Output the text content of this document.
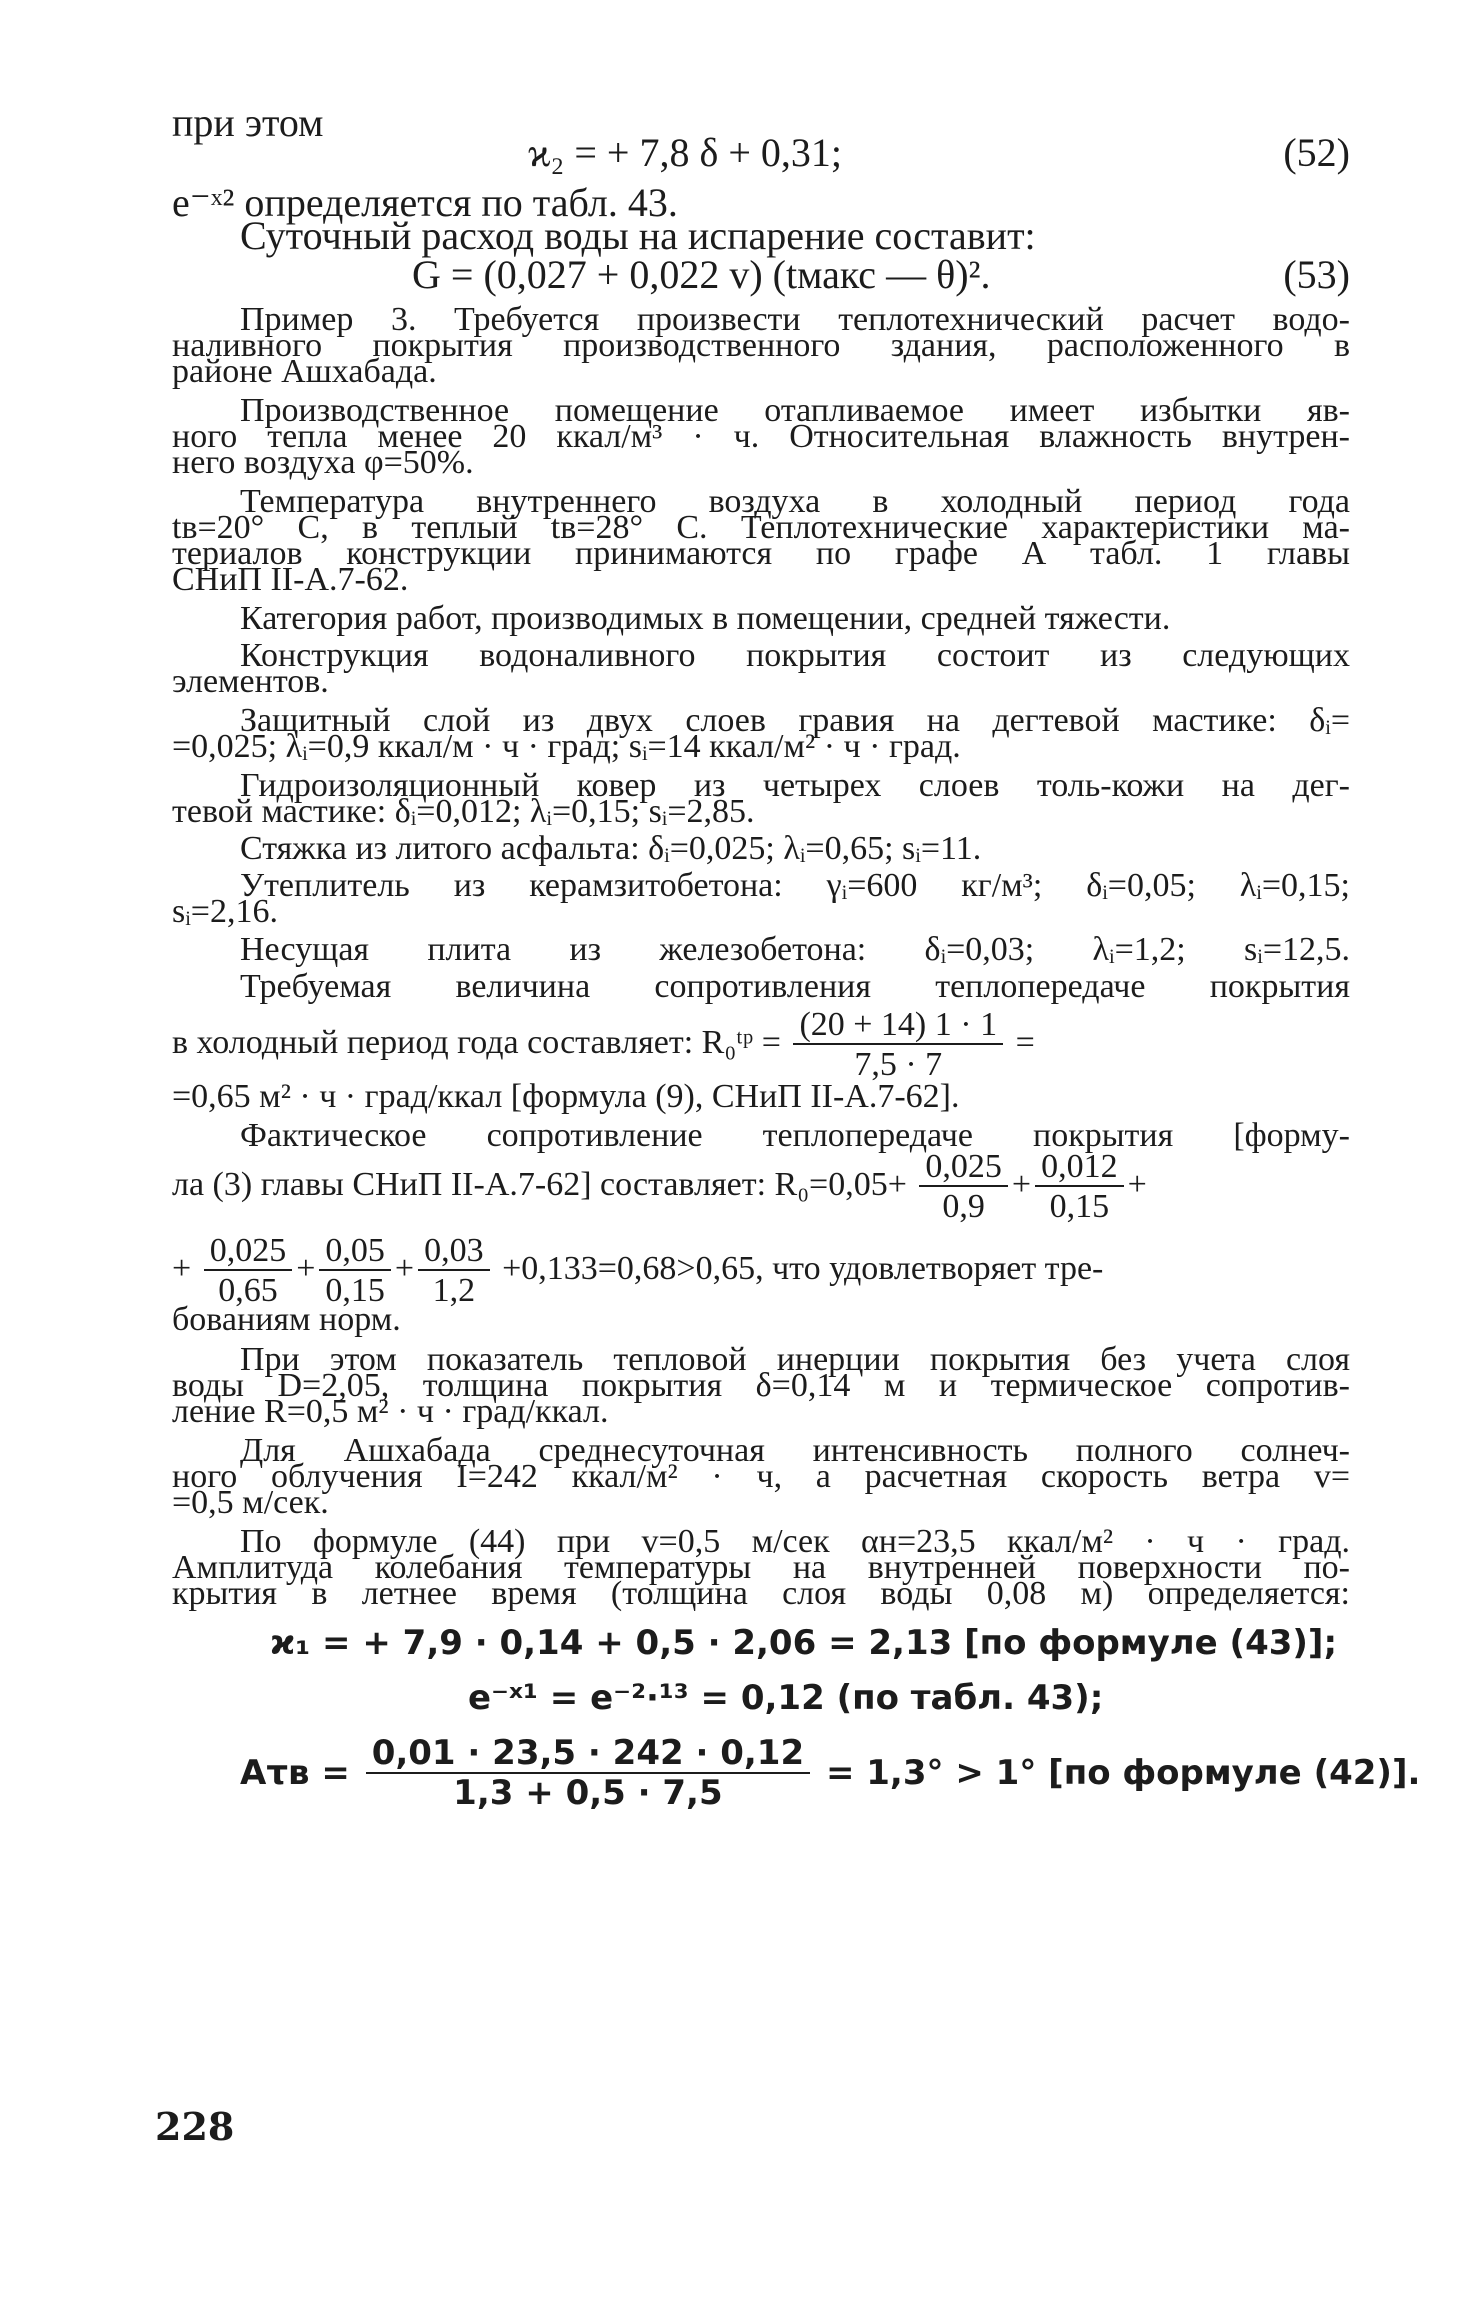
при этом
ϰ₂ = + 7,8 δ + 0,31;	(52)
e⁻ˣ² определяется по табл. 43.
Суточный расход воды на испарение составит:
G = (0,027 + 0,022 v) (tмакс — θ)².	(53)
Пример 3. Требуется произвести теплотехнический расчет водо-
наливного покрытия производственного здания, расположенного в
районе Ашхабада.
Производственное помещение отапливаемое имеет избытки яв-
ного тепла менее 20 ккал/м³ · ч. Относительная влажность внутрен-
него воздуха φ=50%.
Температура внутреннего воздуха в холодный период года
tв=20° С, в теплый tв=28° С. Теплотехнические характеристики ма-
териалов конструкции принимаются по графе А табл. 1 главы
СНиП II-А.7-62.
Категория работ, производимых в помещении, средней тяжести.
Конструкция водоналивного покрытия состоит из следующих
элементов.
Защитный слой из двух слоев гравия на дегтевой мастике: δᵢ=
=0,025; λᵢ=0,9 ккал/м · ч · град; sᵢ=14 ккал/м² · ч · град.
Гидроизоляционный ковер из четырех слоев толь-кожи на дег-
тевой мастике: δᵢ=0,012; λᵢ=0,15; sᵢ=2,85.
Стяжка из литого асфальта: δᵢ=0,025; λᵢ=0,65; sᵢ=11.
Утеплитель из керамзитобетона: γᵢ=600 кг/м³; δᵢ=0,05; λᵢ=0,15;
sᵢ=2,16.
Несущая плита из железобетона: δᵢ=0,03; λᵢ=1,2; sᵢ=12,5.
Требуемая величина сопротивления теплопередаче покрытия
в холодный период года составляет: R₀ᵗᵖ = $\frac{(20 + 14) 1 \cdot 1}{7,5 \cdot 7}$ =
=0,65 м² · ч · град/ккал [формула (9), СНиП II-А.7-62].
Фактическое сопротивление теплопередаче покрытия [форму-
ла (3) главы СНиП II-А.7-62] составляет: $R_0=0,05+ \frac{0,025}{0,9} + \frac{0,012}{0,15}$ +
+ $\frac{0,025}{0,65} + \frac{0,05}{0,15} + \frac{0,03}{1,2} +0,133=0,68>0,65$, что удовлетворяет тре-
бованиям норм.
При этом показатель тепловой инерции покрытия без учета слоя
воды D=2,05, толщина покрытия δ=0,14 м и термическое сопротив-
ление R=0,5 м² · ч · град/ккал.
Для Ашхабада среднесуточная интенсивность полного солнеч-
ного облучения I=242 ккал/м² · ч, а расчетная скорость ветра v=
=0,5 м/сек.
По формуле (44) при v=0,5 м/сек αн=23,5 ккал/м² · ч · град.
Амплитуда колебания температуры на внутренней поверхности по-
крытия в летнее время (толщина слоя воды 0,08 м) определяется:
ϰ₁ = + 7,9 · 0,14 + 0,5 · 2,06 = 2,13 [по формуле (43)];
e⁻ˣ¹ = e⁻²·¹³ = 0,12 (по табл. 43);
$A\tau в = \frac{0,01 \cdot 23,5 \cdot 242 \cdot 0,12}{1,3 + 0,5 \cdot 7,5} = 1,3^\circ > 1^\circ$ [по формуле (42)].
228
